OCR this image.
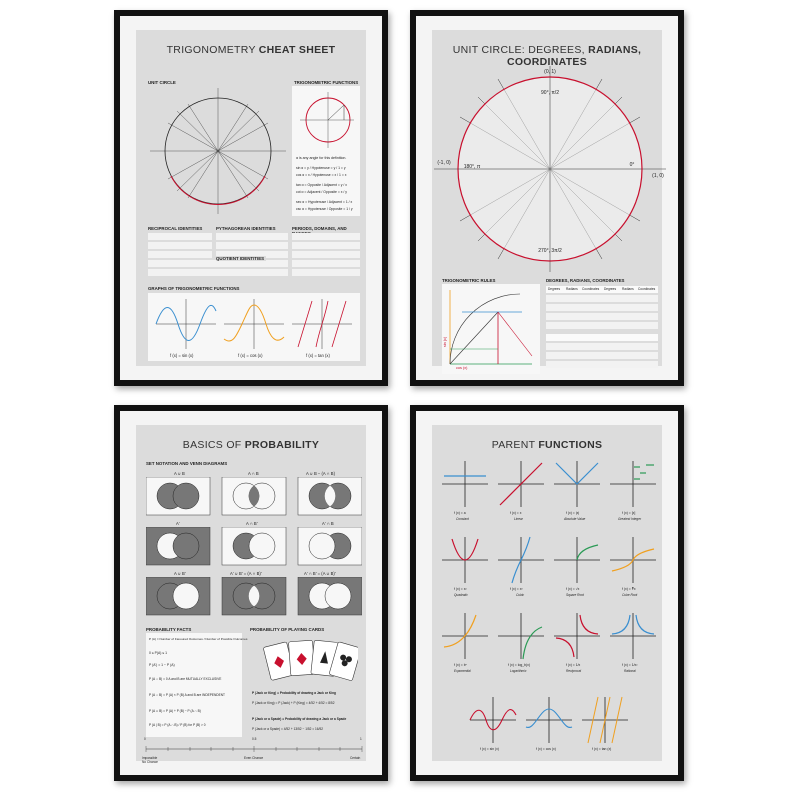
TRIGONOMETRY CHEAT SHEET
UNIT CIRCLE	TRIGONOMETRIC FUNCTIONS
α is any angle for this definition.
sin α = y / Hypotenuse = y / 1 = y
cos α = x / Hypotenuse = x / 1 = x
tan α = Opposite / Adjacent = y / x
cot α = Adjacent / Opposite = x / y
sec α = Hypotenuse / Adjacent = 1 / x
csc α = Hypotenuse / Opposite = 1 / y
RECIPROCAL IDENTITIES	PYTHAGOREAN IDENTITIES	PERIODS, DOMAINS, AND
QUOTIENT IDENTITIES
GRAPHS OF TRIGONOMETRIC FUNCTIONS
f (x) = sin (x)	f (x) = cos (x)	f (x) = tan (x)
UNIT CIRCLE: DEGREES, RADIANS, COORDINATES
(0, 1)
90°, π/2
180°, π	0°
(1, 0)
(-1, 0)
270°, 3π/2
TRIGONOMETRIC RULES
cos (x)
sin (x)
DEGREES, RADIANS, COORDINATES
Degrees Radians Coordinates Degrees Radians Coordinates
BASICS OF PROBABILITY
SET NOTATION AND VENN DIAGRAMS
A ∪ B	A ∩ B	A ∪ B − (A ∩ B)
A'	A ∩ B'	A' ∩ B
A ∪ B'	A' ∪ B' = (A ∩ B)'	A' ∩ B' = (A ∪ B)'
PROBABILITY FACTS
P (A) = Number of Favoured Outcomes / Number of Possible Outcomes
0 ≤ P(A) ≤ 1
P (A') = 1 − P (A)
P (A ∩ B) = 0 A and B are MUTUALLY EXCLUSIVE
P (A ∩ B) = P (A) × P (B) A and B are INDEPENDENT
P (A ∪ B) = P (A) + P (B) − P (A ∩ B)
P (A | B) = P (A ∩ B) / P (B) for P (B) > 0
PROBABILITY OF PLAYING CARDS
P (Jack or King) = Probability of drawing a Jack or King
P (Jack or King) = P (Jack) + P (King) = 4/52 + 4/52 = 8/52
P (Jack or a Spade) = Probability of drawing a Jack or a Spade
P (Jack or a Spade) = 4/52 + 13/52 − 1/52 = 16/52
0	0.5	1
Impossible
No Chance
Even Chance	Certain
PARENT FUNCTIONS
f (x) = a
Constant
f (x) = x
Linear
f (x) = |x|
Absolute Value
f (x) = [x]
Greatest Integer
f (x) = x²
Quadratic
f (x) = x³
Cubic
f (x) = √x
Square Root
f (x) = ∛x
Cube Root
f (x) = bˣ
Exponential
f (x) = log_b(x)
Logarithmic
f (x) = 1/x
Reciprocal
f (x) = 1/x²
Rational
f (x) = sin (x)	f (x) = cos (x)	f (x) = tan (x)
